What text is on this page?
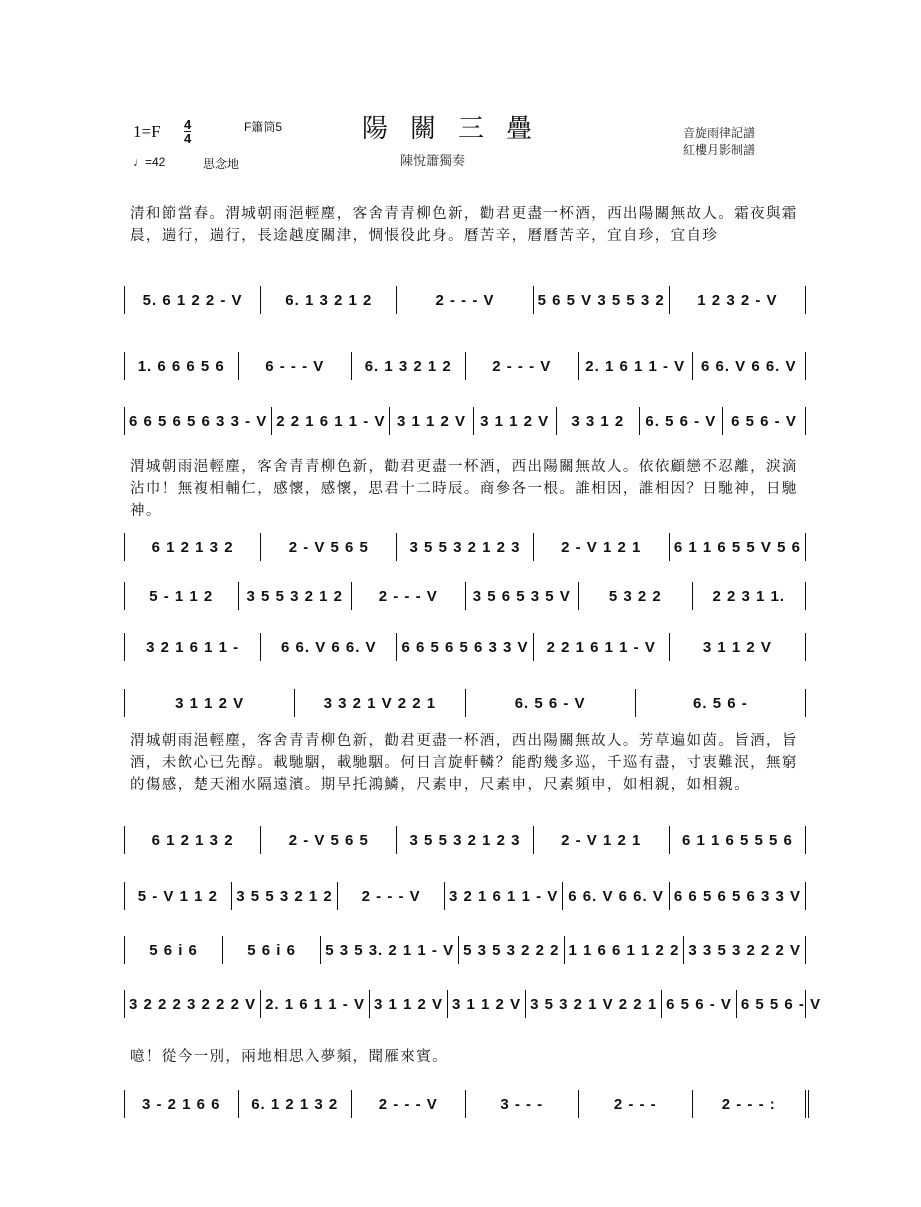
1=F 4
4
F簫筒5
♩=42	思念地
陽關三疊
陳悅簫獨奏
音旋雨律記譜
紅樓月影制譜
清和節當春。渭城朝雨浥輕塵，客舍青青柳色新，勸君更盡一杯酒，西出陽關無故人。霜夜與霜晨，遄行，遄行，長途越度關津，惆悵役此身。曆苦辛，曆曆苦辛，宜自珍，宜自珍
渭城朝雨浥輕塵，客舍青青柳色新，勸君更盡一杯酒，西出陽關無故人。依依顧戀不忍離，淚滴沾巾！無複相輔仁，感懷，感懷，思君十二時辰。商參各一根。誰相因，誰相因？日馳神，日馳神。
渭城朝雨浥輕塵，客舍青青柳色新，勸君更盡一杯酒，西出陽關無故人。芳草遍如茵。旨酒，旨酒，未飲心已先醇。載馳駰，載馳駰。何日言旋軒轔？能酌幾多巡，千巡有盡，寸衷難泯，無窮的傷感，楚天湘水隔遠濱。期早托鴻鱗，尺素申，尺素申，尺素頻申，如相親，如相親。
噫！從今一別，兩地相思入夢頻，聞雁來賓。
5. 6 1 2 2 - V	6. 1 3 2 1 2	2 - - - V	5 6 5 V 3 5 5 3 2	1 2 3 2 - V
1. 6 6 6 5 6	6 - - - V	6. 1 3 2 1 2	2 - - - V	2. 1 6 1 1 - V	6 6. V 6 6. V
6 6 5 6 5 6 3 3 - V 2 2 1 6 1 1 - V 3 1 1 2 V 3 1 1 2 V	3 3 1 2	6. 5 6 - V 6 5 6 - V
6 1 2 1 3 2	2 - V 5 6 5	3 5 5 3 2 1 2 3	2 - V 1 2 1	6 1 1 6 5 5 V 5 6
5 - 1 1 2	3 5 5 3 2 1 2	2 - - - V	3 5 6 5 3 5 V	5 3 2 2	2 2 3 1 1.
3 2 1 6 1 1 -	6 6. V 6 6. V	6 6 5 6 5 6 3 3 V	2 2 1 6 1 1 - V	3 1 1 2 V
3 1 1 2 V	3 3 2 1 V 2 2 1	6. 5 6 - V	6. 5 6 -
6 1 2 1 3 2	2 - V 5 6 5	3 5 5 3 2 1 2 3	2 - V 1 2 1	6 1 1 6 5 5 5 6
5 - V 1 1 2	3 5 5 3 2 1 2	2 - - - V	3 2 1 6 1 1 - V 6 6. V 6 6. V 6 6 5 6 5 6 3 3 V
5 6 i 6	5 6 i 6	5 3 5 3. 2 1 1 - V 5 3 5 3 2 2 2 1 1 6 6 1 1 2 2 3 3 5 3 2 2 2 V
3 2 2 2 3 2 2 2 V 2. 1 6 1 1 - V 3 1 1 2 V 3 1 1 2 V 3 5 3 2 1 V 2 2 1 6 5 6 - V 6 5 5 6 - V
3 - 2 1 6 6	6. 1 2 1 3 2	2 - - - V	3 - - -	2 - - -	2 - - - :
